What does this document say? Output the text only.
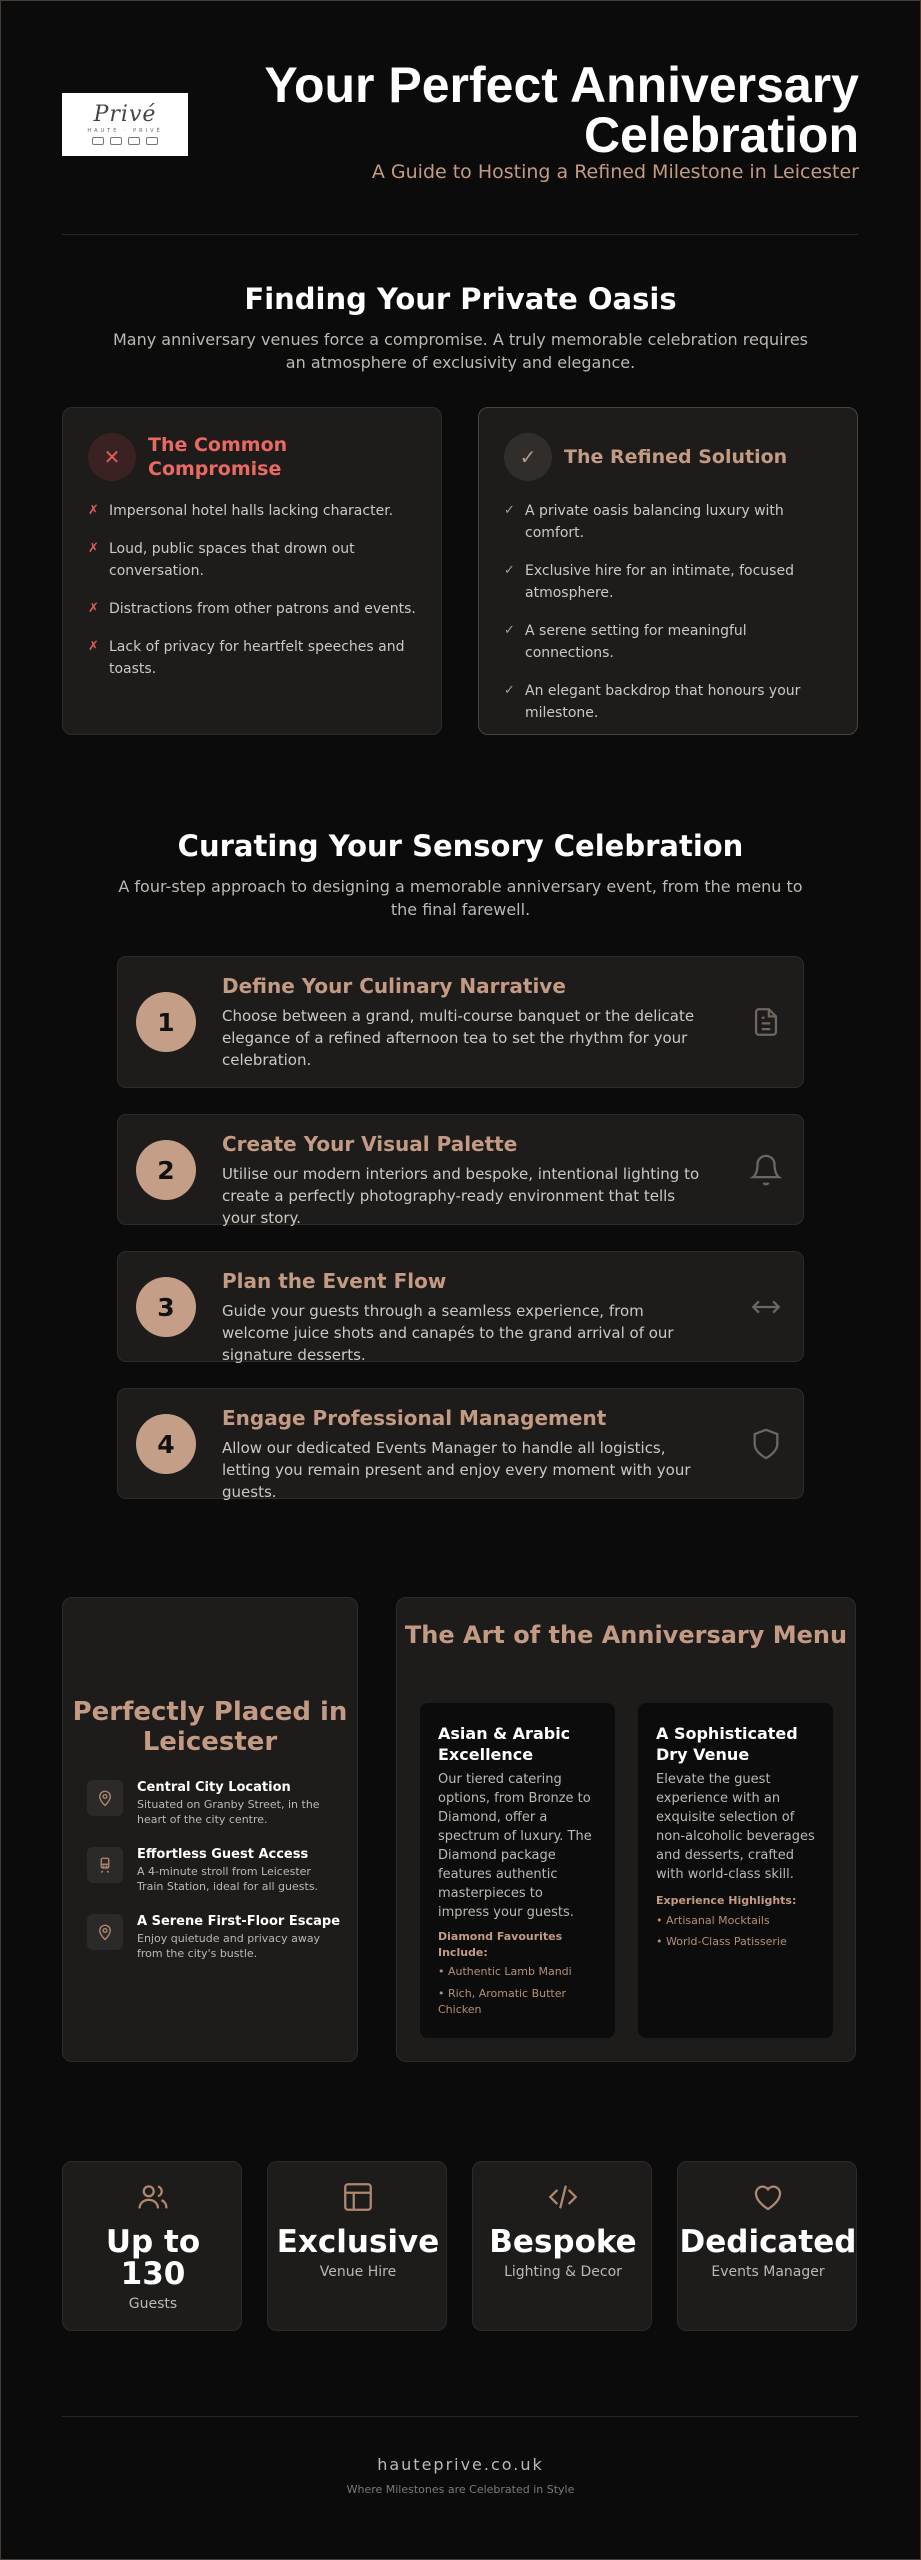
Privé
HAUTE · PRIVÉ
Your Perfect Anniversary
Celebration
A Guide to Hosting a Refined Milestone in Leicester
Finding Your Private Oasis
Many anniversary venues force a compromise. A truly memorable celebration requires an atmosphere of exclusivity and elegance.
✕	The Common Compromise
✗ Impersonal hotel halls lacking character.
✗ Loud, public spaces that drown out conversation.
✗ Distractions from other patrons and events.
✗ Lack of privacy for heartfelt speeches and toasts.
✓	The Refined Solution
✓ A private oasis balancing luxury with comfort.
✓ Exclusive hire for an intimate, focused atmosphere.
✓ A serene setting for meaningful connections.
✓ An elegant backdrop that honours your milestone.
Curating Your Sensory Celebration
A four-step approach to designing a memorable anniversary event, from the menu to the final farewell.
1
Define Your Culinary Narrative
Choose between a grand, multi-course banquet or the delicate elegance of a refined afternoon tea to set the rhythm for your celebration.
2
Create Your Visual Palette
Utilise our modern interiors and bespoke, intentional lighting to create a perfectly photography-ready environment that tells your story.
3
Plan the Event Flow
Guide your guests through a seamless experience, from welcome juice shots and canapés to the grand arrival of our signature desserts.
4
Engage Professional Management
Allow our dedicated Events Manager to handle all logistics, letting you remain present and enjoy every moment with your guests.
Perfectly Placed in Leicester
Central City Location
Situated on Granby Street, in the heart of the city centre.
Effortless Guest Access
A 4-minute stroll from Leicester Train Station, ideal for all guests.
A Serene First-Floor Escape
Enjoy quietude and privacy away from the city's bustle.
The Art of the Anniversary Menu
Asian & Arabic Excellence
Our tiered catering options, from Bronze to Diamond, offer a spectrum of luxury. The Diamond package features authentic masterpieces to impress your guests.
Diamond Favourites Include:
• Authentic Lamb Mandi
• Rich, Aromatic Butter Chicken
A Sophisticated Dry Venue
Elevate the guest experience with an exquisite selection of non-alcoholic beverages and desserts, crafted with world-class skill.
Experience Highlights:
• Artisanal Mocktails
• World-Class Patisserie
Up to
130
Guests
Exclusive
Venue Hire
Bespoke
Lighting & Decor
Dedicated
Events Manager
hauteprive.co.uk
Where Milestones are Celebrated in Style
